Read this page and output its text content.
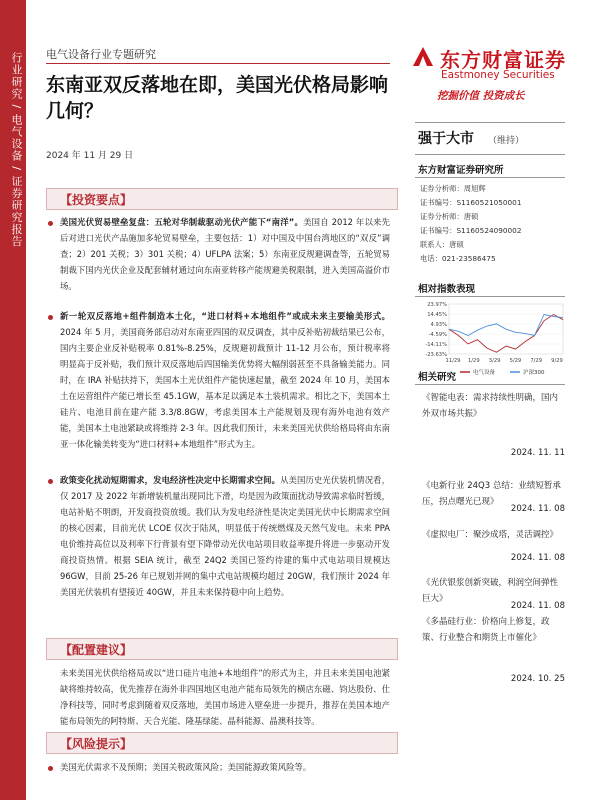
行业研究 / 电气设备 / 证券研究报告 电气设备行业专题研究
东南亚双反落地在即，美国光伏格局影响几何？
2024 年 11 月 29 日
东方财富证券
Eastmoney Securities
挖掘价值 投资成长
【投资要点】
美国光伏贸易壁垒复盘：五轮对华制裁驱动光伏产能下“南洋”。美国自 2012 年以来先后对进口光伏产品施加多轮贸易壁垒，主要包括：1）对中国及中国台湾地区的“双反”调查；2）201 关税；3）301 关税；4）UFLPA 法案；5）东南亚反规避调查等，五轮贸易制裁下国内光伏企业及配套辅材通过向东南亚转移产能规避美税限制，进入美国高溢价市场。
新一轮双反落地+组件制造本土化，“进口材料+本地组件”或成未来主要输美形式。2024 年 5 月，美国商务部启动对东南亚四国的双反调查，其中反补贴初裁结果已公布，国内主要企业反补贴税率 0.81%-8.25%，反规避初裁预计 11-12 月公布，预计税率将明显高于反补贴，我们预计双反落地后四国输美优势将大幅削弱甚至不具备输美能力。同时，在 IRA 补贴扶持下，美国本土光伏组件产能快速起量，截至 2024 年 10 月，美国本土在运营组件产能已增长至 45.1GW，基本足以满足本土装机需求。相比之下，美国本土硅片、电池目前在建产能 3.3/8.8GW，考虑美国本土产能规划及现有海外电池有效产能，美国本土电池紧缺或将维持 2-3 年。因此我们预计，未来美国光伏供给格局将由东南亚一体化输美转变为“进口材料+本地组件”形式为主。
政策变化扰动短期需求，发电经济性决定中长期需求空间。从美国历史光伏装机情况看，仅 2017 及 2022 年新增装机量出现同比下滑，均是因为政策面扰动导致需求临时暂缓，电站补贴不明朗，开发商投资放缓。我们认为发电经济性是决定美国光伏中长期需求空间的核心因素，目前光伏 LCOE 仅次于陆风，明显低于传统燃煤及天然气发电。未来 PPA 电价维持高位以及利率下行背景有望下降带动光伏电站项目收益率提升将进一步驱动开发商投资热情。根据 SEIA 统计，截至 24Q2 美国已签约待建的集中式电站项目规模达 96GW，目前 25-26 年已规划并网的集中式电站规模均超过 20GW，我们预计 2024 年美国光伏装机有望接近 40GW，并且未来保持稳中向上趋势。
【配置建议】
未来美国光伏供给格局或以“进口硅片电池+本地组件”的形式为主，并且未来美国电池紧缺将维持较高，优先推荐在海外非四国地区电池产能布局领先的横店东磁、钧达股份、仕净科技等，同时考虑到随着双反落地，美国市场进入壁垒进一步提升，推荐在美国本地产能布局领先的阿特斯、天合光能、隆基绿能、晶科能源、晶澳科技等。
【风险提示】
美国光伏需求不及预期；美国关税政策风险；美国能源政策风险等。
强于大市 （维持）
东方财富证券研究所
证券分析师：周旭辉
证书编号：S1160521050001
证券分析师：唐硕
证书编号：S1160524090002
联系人：唐硕
电话：021-23586475
相对指数表现
23.97%
14.45%
4.93%
-4.59%
-14.11%
-23.63%
11/29 1/29 3/29 5/29 7/29 9/29
电气设备	沪深300
相关研究
《智能电表：需求持续性明确，国内外双市场共振》
2024. 11. 11
《电新行业 24Q3 总结：业绩短暂承压，拐点曙光已现》
2024. 11. 08
《虚拟电厂：聚沙成塔，灵活调控》
2024. 11. 08
《光伏银浆创新突破，利润空间弹性巨大》
2024. 11. 08
《多晶硅行业：价格向上修复，政策、行业整合和期货上市催化》
2024. 10. 25
